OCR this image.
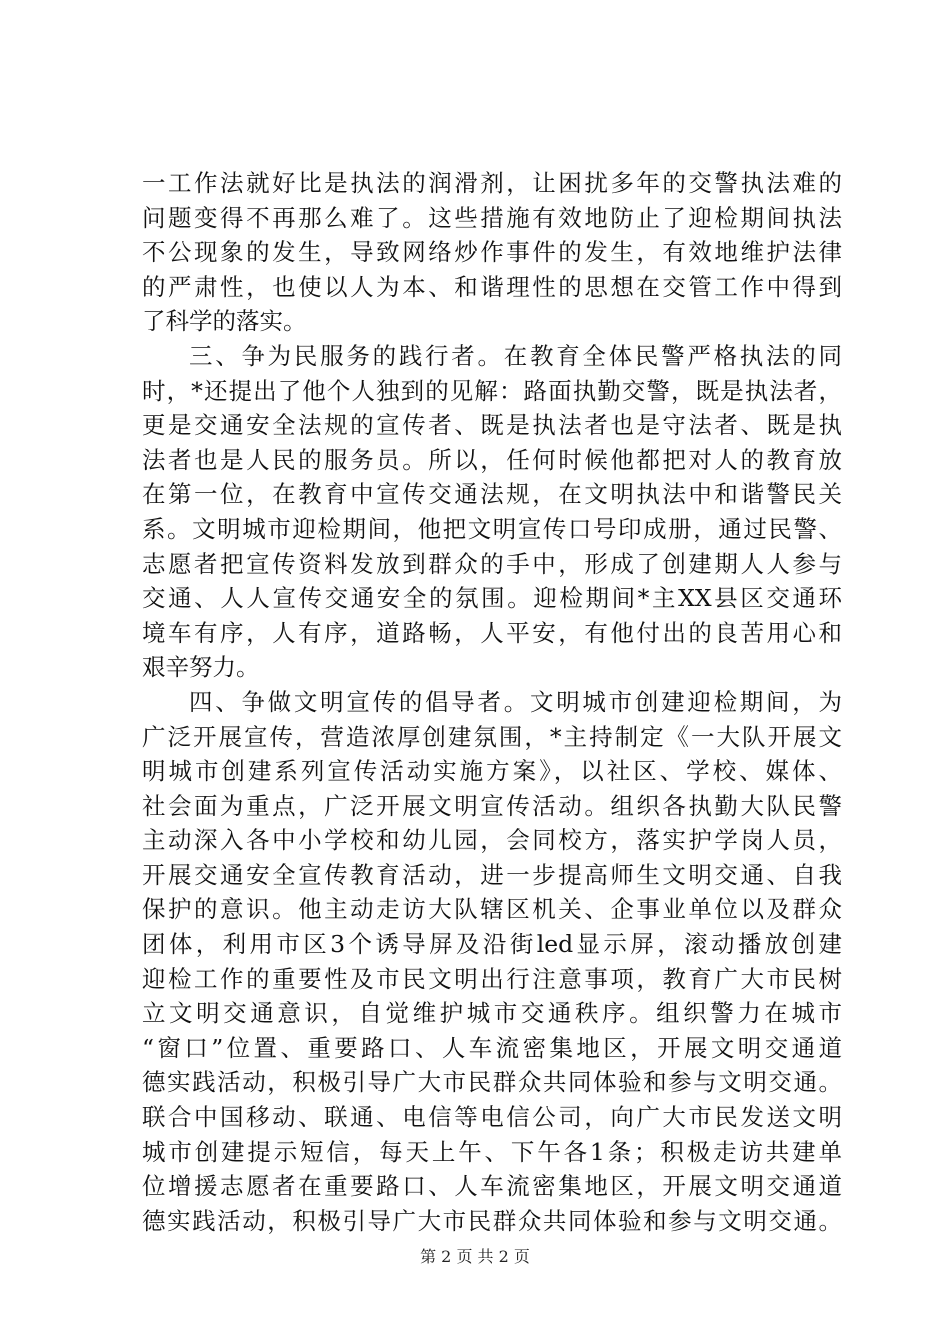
一工作法就好比是执法的润滑剂，让困扰多年的交警执法难的
问题变得不再那么难了。这些措施有效地防止了迎检期间执法
不公现象的发生，导致网络炒作事件的发生，有效地维护法律
的严肃性，也使以人为本、和谐理性的思想在交管工作中得到
了科学的落实。
三、争为民服务的践行者。在教育全体民警严格执法的同
时，*还提出了他个人独到的见解：路面执勤交警，既是执法者，
更是交通安全法规的宣传者、既是执法者也是守法者、既是执
法者也是人民的服务员。所以，任何时候他都把对人的教育放
在第一位，在教育中宣传交通法规，在文明执法中和谐警民关
系。文明城市迎检期间，他把文明宣传口号印成册，通过民警、
志愿者把宣传资料发放到群众的手中，形成了创建期人人参与
交通、人人宣传交通安全的氛围。迎检期间*主XX县区交通环
境车有序，人有序，道路畅，人平安，有他付出的良苦用心和
艰辛努力。
四、争做文明宣传的倡导者。文明城市创建迎检期间，为
广泛开展宣传，营造浓厚创建氛围，*主持制定《一大队开展文
明城市创建系列宣传活动实施方案》，以社区、学校、媒体、
社会面为重点，广泛开展文明宣传活动。组织各执勤大队民警
主动深入各中小学校和幼儿园，会同校方，落实护学岗人员，
开展交通安全宣传教育活动，进一步提高师生文明交通、自我
保护的意识。他主动走访大队辖区机关、企事业单位以及群众
团体，利用市区3个诱导屏及沿街led显示屏，滚动播放创建
迎检工作的重要性及市民文明出行注意事项，教育广大市民树
立文明交通意识，自觉维护城市交通秩序。组织警力在城市
“窗口”位置、重要路口、人车流密集地区，开展文明交通道
德实践活动，积极引导广大市民群众共同体验和参与文明交通。
联合中国移动、联通、电信等电信公司，向广大市民发送文明
城市创建提示短信，每天上午、下午各1条；积极走访共建单
位增援志愿者在重要路口、人车流密集地区，开展文明交通道
德实践活动，积极引导广大市民群众共同体验和参与文明交通。
第 2 页 共 2 页
